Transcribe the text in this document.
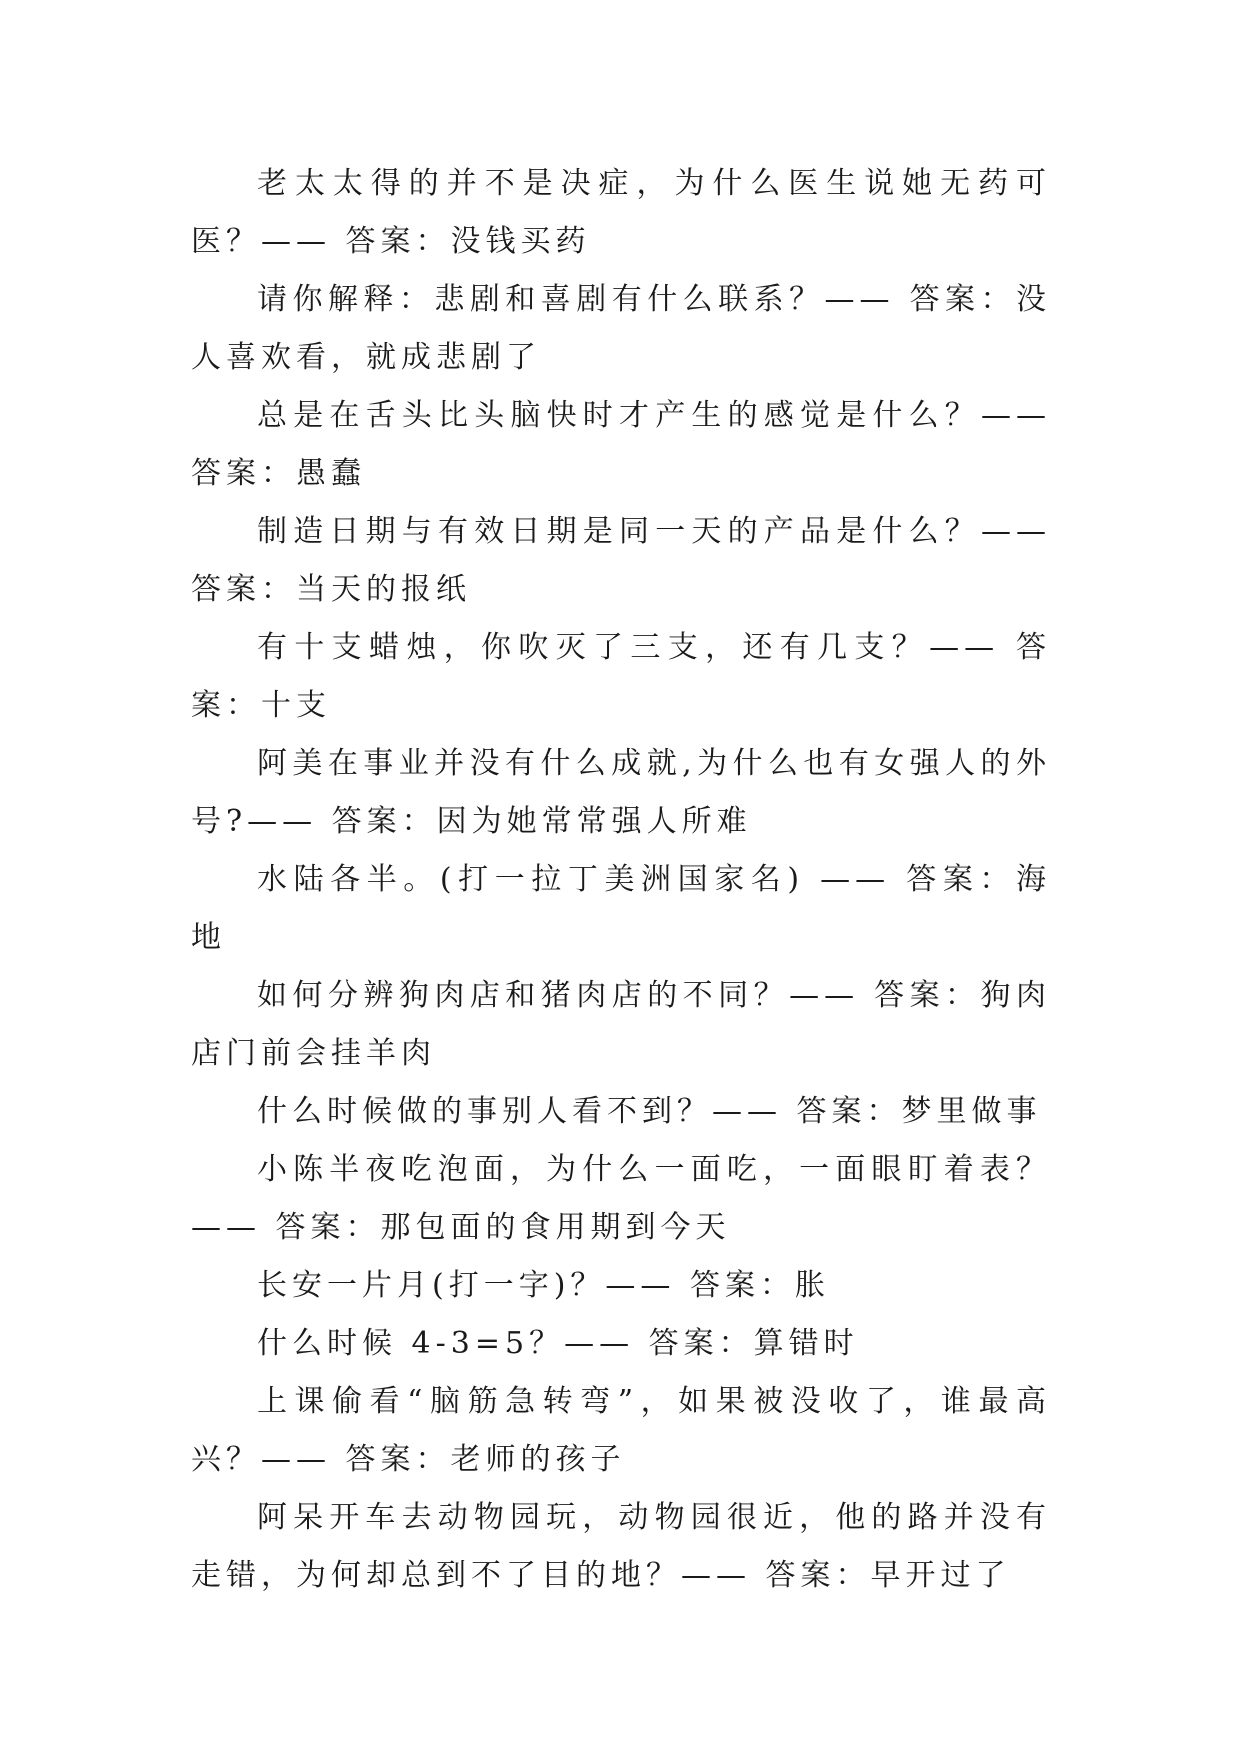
老太太得的并不是决症，为什么医生说她无药可医？—— 答案：没钱买药

请你解释：悲剧和喜剧有什么联系？—— 答案：没人喜欢看，就成悲剧了

总是在舌头比头脑快时才产生的感觉是什么？—— 答案：愚蠢

制造日期与有效日期是同一天的产品是什么？—— 答案：当天的报纸

有十支蜡烛，你吹灭了三支，还有几支？—— 答案：十支

阿美在事业并没有什么成就,为什么也有女强人的外号?—— 答案：因为她常常强人所难

水陆各半。(打一拉丁美洲国家名) —— 答案：海地

如何分辨狗肉店和猪肉店的不同？—— 答案：狗肉店门前会挂羊肉

什么时候做的事别人看不到？—— 答案：梦里做事

小陈半夜吃泡面，为什么一面吃，一面眼盯着表？—— 答案：那包面的食用期到今天

长安一片月(打一字)？—— 答案：胀

什么时候 4-3=5？—— 答案：算错时

上课偷看“脑筋急转弯”，如果被没收了，谁最高兴？—— 答案：老师的孩子

阿呆开车去动物园玩，动物园很近，他的路并没有走错，为何却总到不了目的地？—— 答案：早开过了
